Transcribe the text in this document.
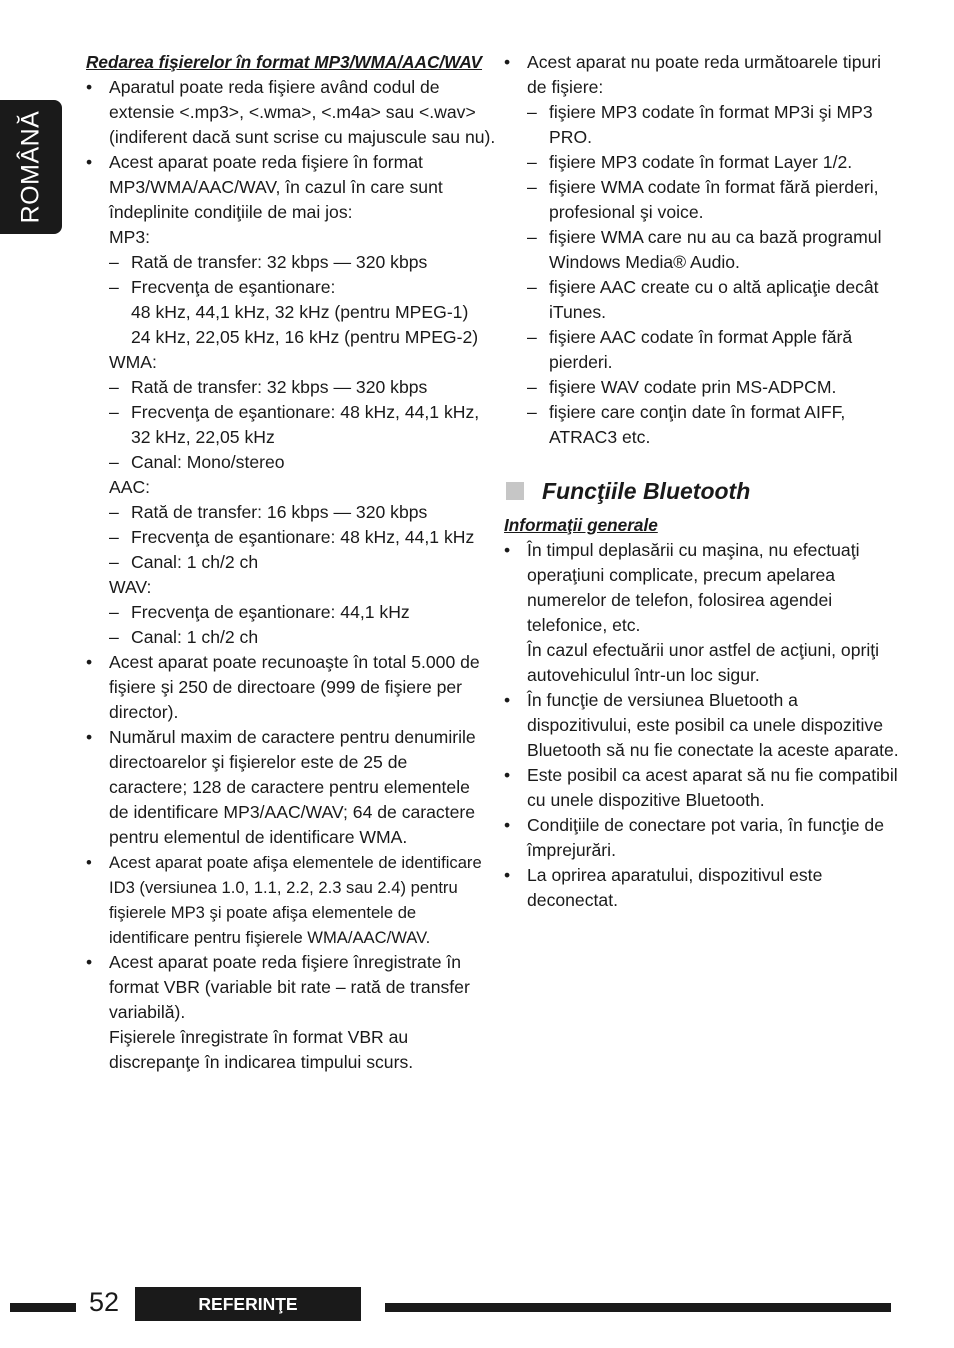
ROMÂNĂ
Redarea fişierelor în format MP3/WMA/AAC/WAV
• Aparatul poate reda fişiere având codul de
extensie <.mp3>, <.wma>, <.m4a> sau <.wav>
(indiferent dacă sunt scrise cu majuscule sau nu).
• Acest aparat poate reda fişiere în format
MP3/WMA/AAC/WAV, în cazul în care sunt
îndeplinite condiţiile de mai jos:
MP3:
– Rată de transfer: 32 kbps — 320 kbps
– Frecvenţa de eşantionare:
48 kHz, 44,1 kHz, 32 kHz (pentru MPEG-1)
24 kHz, 22,05 kHz, 16 kHz (pentru MPEG-2)
WMA:
– Rată de transfer: 32 kbps — 320 kbps
– Frecvenţa de eşantionare: 48 kHz, 44,1 kHz,
32 kHz, 22,05 kHz
– Canal: Mono/stereo
AAC:
– Rată de transfer: 16 kbps — 320 kbps
– Frecvenţa de eşantionare: 48 kHz, 44,1 kHz
– Canal: 1 ch/2 ch
WAV:
– Frecvenţa de eşantionare: 44,1 kHz
– Canal: 1 ch/2 ch
• Acest aparat poate recunoaşte în total 5.000 de
fişiere şi 250 de directoare (999 de fişiere per
director).
• Numărul maxim de caractere pentru denumirile
directoarelor şi fişierelor este de 25 de
caractere; 128 de caractere pentru elementele
de identificare MP3/AAC/WAV; 64 de caractere
pentru elementul de identificare WMA.
• Acest aparat poate afişa elementele de identificare
ID3 (versiunea 1.0, 1.1, 2.2, 2.3 sau 2.4) pentru
fişierele MP3 şi poate afişa elementele de
identificare pentru fişierele WMA/AAC/WAV.
• Acest aparat poate reda fişiere înregistrate în
format VBR (variable bit rate – rată de transfer
variabilă).
Fişierele înregistrate în format VBR au
discrepanţe în indicarea timpului scurs.
• Acest aparat nu poate reda următoarele tipuri
de fişiere:
– fişiere MP3 codate în format MP3i şi MP3
PRO.
– fişiere MP3 codate în format Layer 1/2.
– fişiere WMA codate în format fără pierderi,
profesional şi voice.
– fişiere WMA care nu au ca bază programul
Windows Media® Audio.
– fişiere AAC create cu o altă aplicaţie decât
iTunes.
– fişiere AAC codate în format Apple fără
pierderi.
– fişiere WAV codate prin MS-ADPCM.
– fişiere care conţin date în format AIFF,
ATRAC3 etc.
Funcţiile Bluetooth
Informaţii generale
• În timpul deplasării cu maşina, nu efectuaţi
operaţiuni complicate, precum apelarea
numerelor de telefon, folosirea agendei
telefonice, etc.
În cazul efectuării unor astfel de acţiuni, opriţi
autovehiculul într-un loc sigur.
• În funcţie de versiunea Bluetooth a
dispozitivului, este posibil ca unele dispozitive
Bluetooth să nu fie conectate la aceste aparate.
• Este posibil ca acest aparat să nu fie compatibil
cu unele dispozitive Bluetooth.
• Condiţiile de conectare pot varia, în funcţie de
împrejurări.
• La oprirea aparatului, dispozitivul este
deconectat.
52	REFERINŢE
